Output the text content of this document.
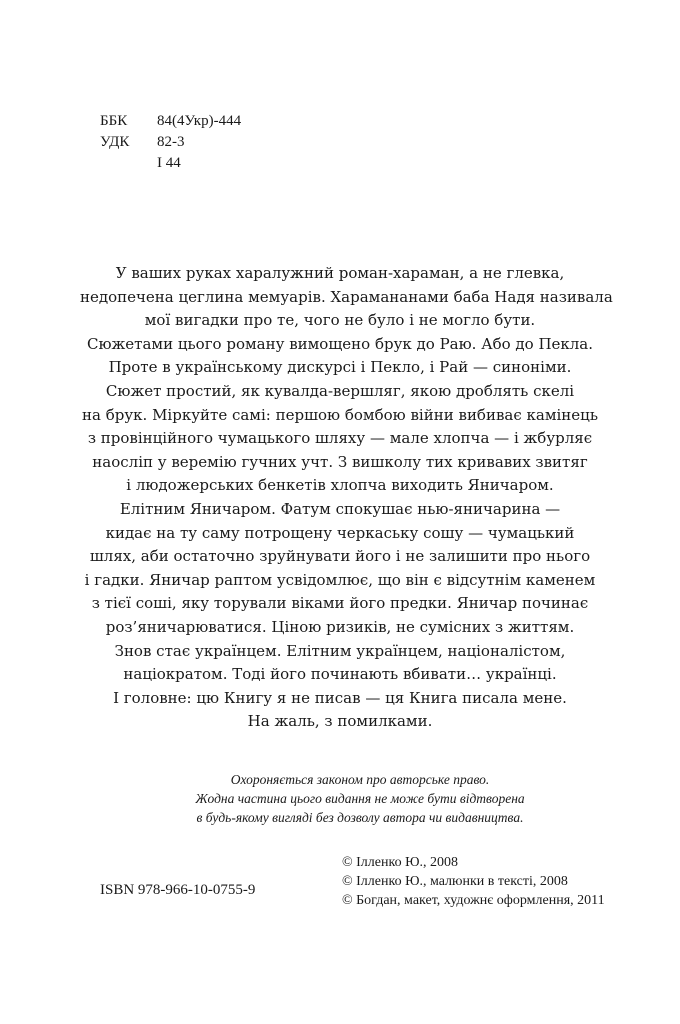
ББК	84(4Укр)-444
УДК	82-3
І 44
У ваших руках харалужний роман-хараман, а не глевка,
недопечена цеглина мемуарів. Харамананами баба Надя називала
мої вигадки про те, чого не було і не могло бути.
Сюжетами цього роману вимощено брук до Раю. Або до Пекла.
Проте в українському дискурсі і Пекло, і Рай — синоніми.
Сюжет простий, як кувалда-вершляг, якою дроблять скелі
на брук. Міркуйте самі: першою бомбою війни вибиває камінець
з провінційного чумацького шляху — мале хлопча — і жбурляє
наосліп у веремію гучних учт. З вишколу тих кривавих звитяг
і людожерських бенкетів хлопча виходить Яничаром.
Елітним Яничаром. Фатум спокушає нью-яничарина —
кидає на ту саму потрощену черкаську сошу — чумацький
шлях, аби остаточно зруйнувати його і не залишити про нього
і гадки. Яничар раптом усвідомлює, що він є відсутнім каменем
з тієї соші, яку торували віками його предки. Яничар починає
роз’яничарюватися. Ціною ризиків, не сумісних з життям.
Знов стає українцем. Елітним українцем, націоналістом,
націократом. Тоді його починають вбивати… українці.
І головне: цю Книгу я не писав — ця Книга писала мене.
На жаль, з помилками.
Охороняється законом про авторське право.
Жодна частина цього видання не може бути відтворена
в будь-якому вигляді без дозволу автора чи видавництва.
ISBN 978-966-10-0755-9
© Ілленко Ю., 2008
© Ілленко Ю., малюнки в тексті, 2008
© Богдан, макет, художнє оформлення, 2011
